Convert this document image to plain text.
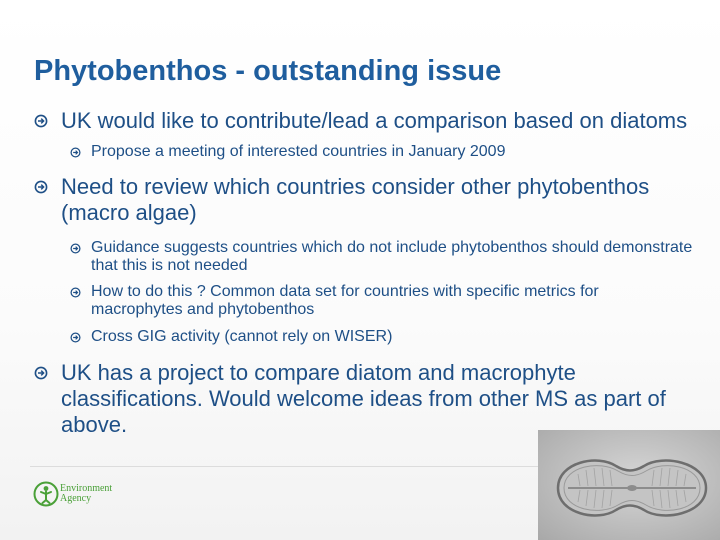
Phytobenthos - outstanding issue
UK would like to contribute/lead a comparison based on diatoms
Propose a meeting of interested countries in January 2009
Need to review which countries consider other phytobenthos (macro algae)
Guidance suggests countries which do not include phytobenthos should demonstrate that this is not needed
How to do this ? Common data set for countries with specific metrics for macrophytes and phytobenthos
Cross GIG activity (cannot rely on WISER)
UK has a project to compare diatom and macrophyte classifications. Would welcome ideas from other MS as part of above.
Environment
Agency
